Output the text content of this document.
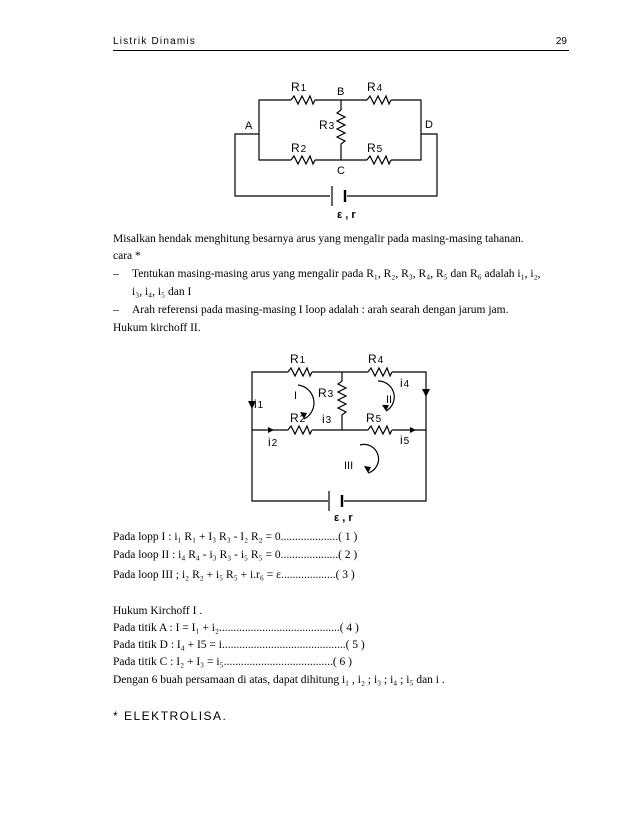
Listrik Dinamis	29
R1	B R4
A	D
R3
R2	R5
C
ε , r
Misalkan hendak menghitung besarnya arus yang mengalir pada masing-masing tahanan.
cara *
– Tentukan masing-masing arus yang mengalir pada R₁, R₂, R₃, R₄, R₅ dan R₆ adalah i₁, i₂,
i₃, i₄, i₅ dan I
– Arah referensi pada masing-masing I loop adalah : arah searah dengan jarum jam.
Hukum kirchoff II.
R1	R4
R3
R2	R5
i1
i2
i3
i4
i5
I	II
III
ε , r
Pada lopp I : i₁ R₁ + I₃ R₃ - I₂ R₂ = 0....................( 1 )
Pada loop II : i₄ R₄ - i₃ R₃ - i₅ R₅ = 0....................( 2 )
Pada loop III ; i₂ R₂ + i₅ R₅ + i.r₆ = ε...................( 3 )
Hukum Kirchoff I .
Pada titik A : I = I₁ + i₂..........................................( 4 )
Pada titik D : I₄ + I5 = i...........................................( 5 )
Pada titik C : I₂ + I₃ = i₅......................................( 6 )
Dengan 6 buah persamaan di atas, dapat dihitung i₁ , i₂ ; i₃ ; i₄ ; i₅ dan i .
* ELEKTROLISA.
